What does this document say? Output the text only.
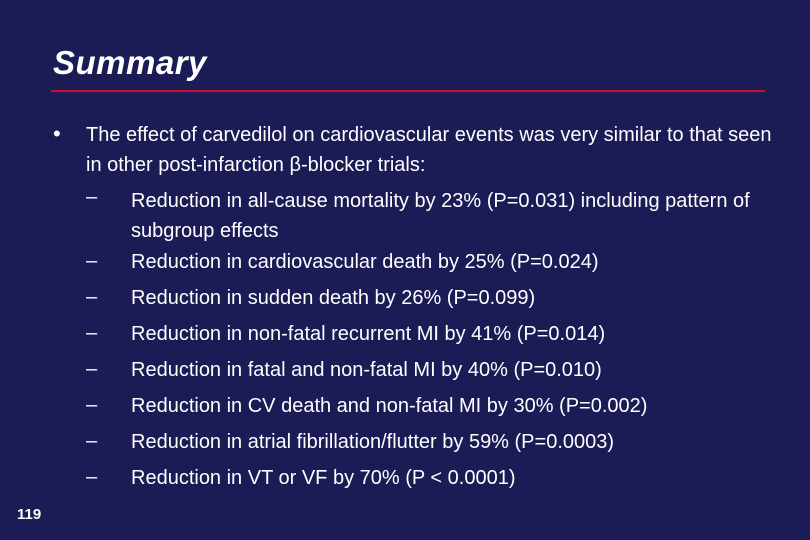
Summary
• The effect of carvedilol on cardiovascular events was very similar to that seen in other post-infarction β-blocker trials:
– Reduction in all-cause mortality by 23% (P=0.031) including pattern of subgroup effects
– Reduction in cardiovascular death by 25% (P=0.024)
– Reduction in sudden death by 26% (P=0.099)
– Reduction in non-fatal recurrent MI by 41% (P=0.014)
– Reduction in fatal and non-fatal MI by 40% (P=0.010)
– Reduction in CV death and non-fatal MI by 30% (P=0.002)
– Reduction in atrial fibrillation/flutter by 59% (P=0.0003)
– Reduction in VT or VF by 70% (P < 0.0001)
119
